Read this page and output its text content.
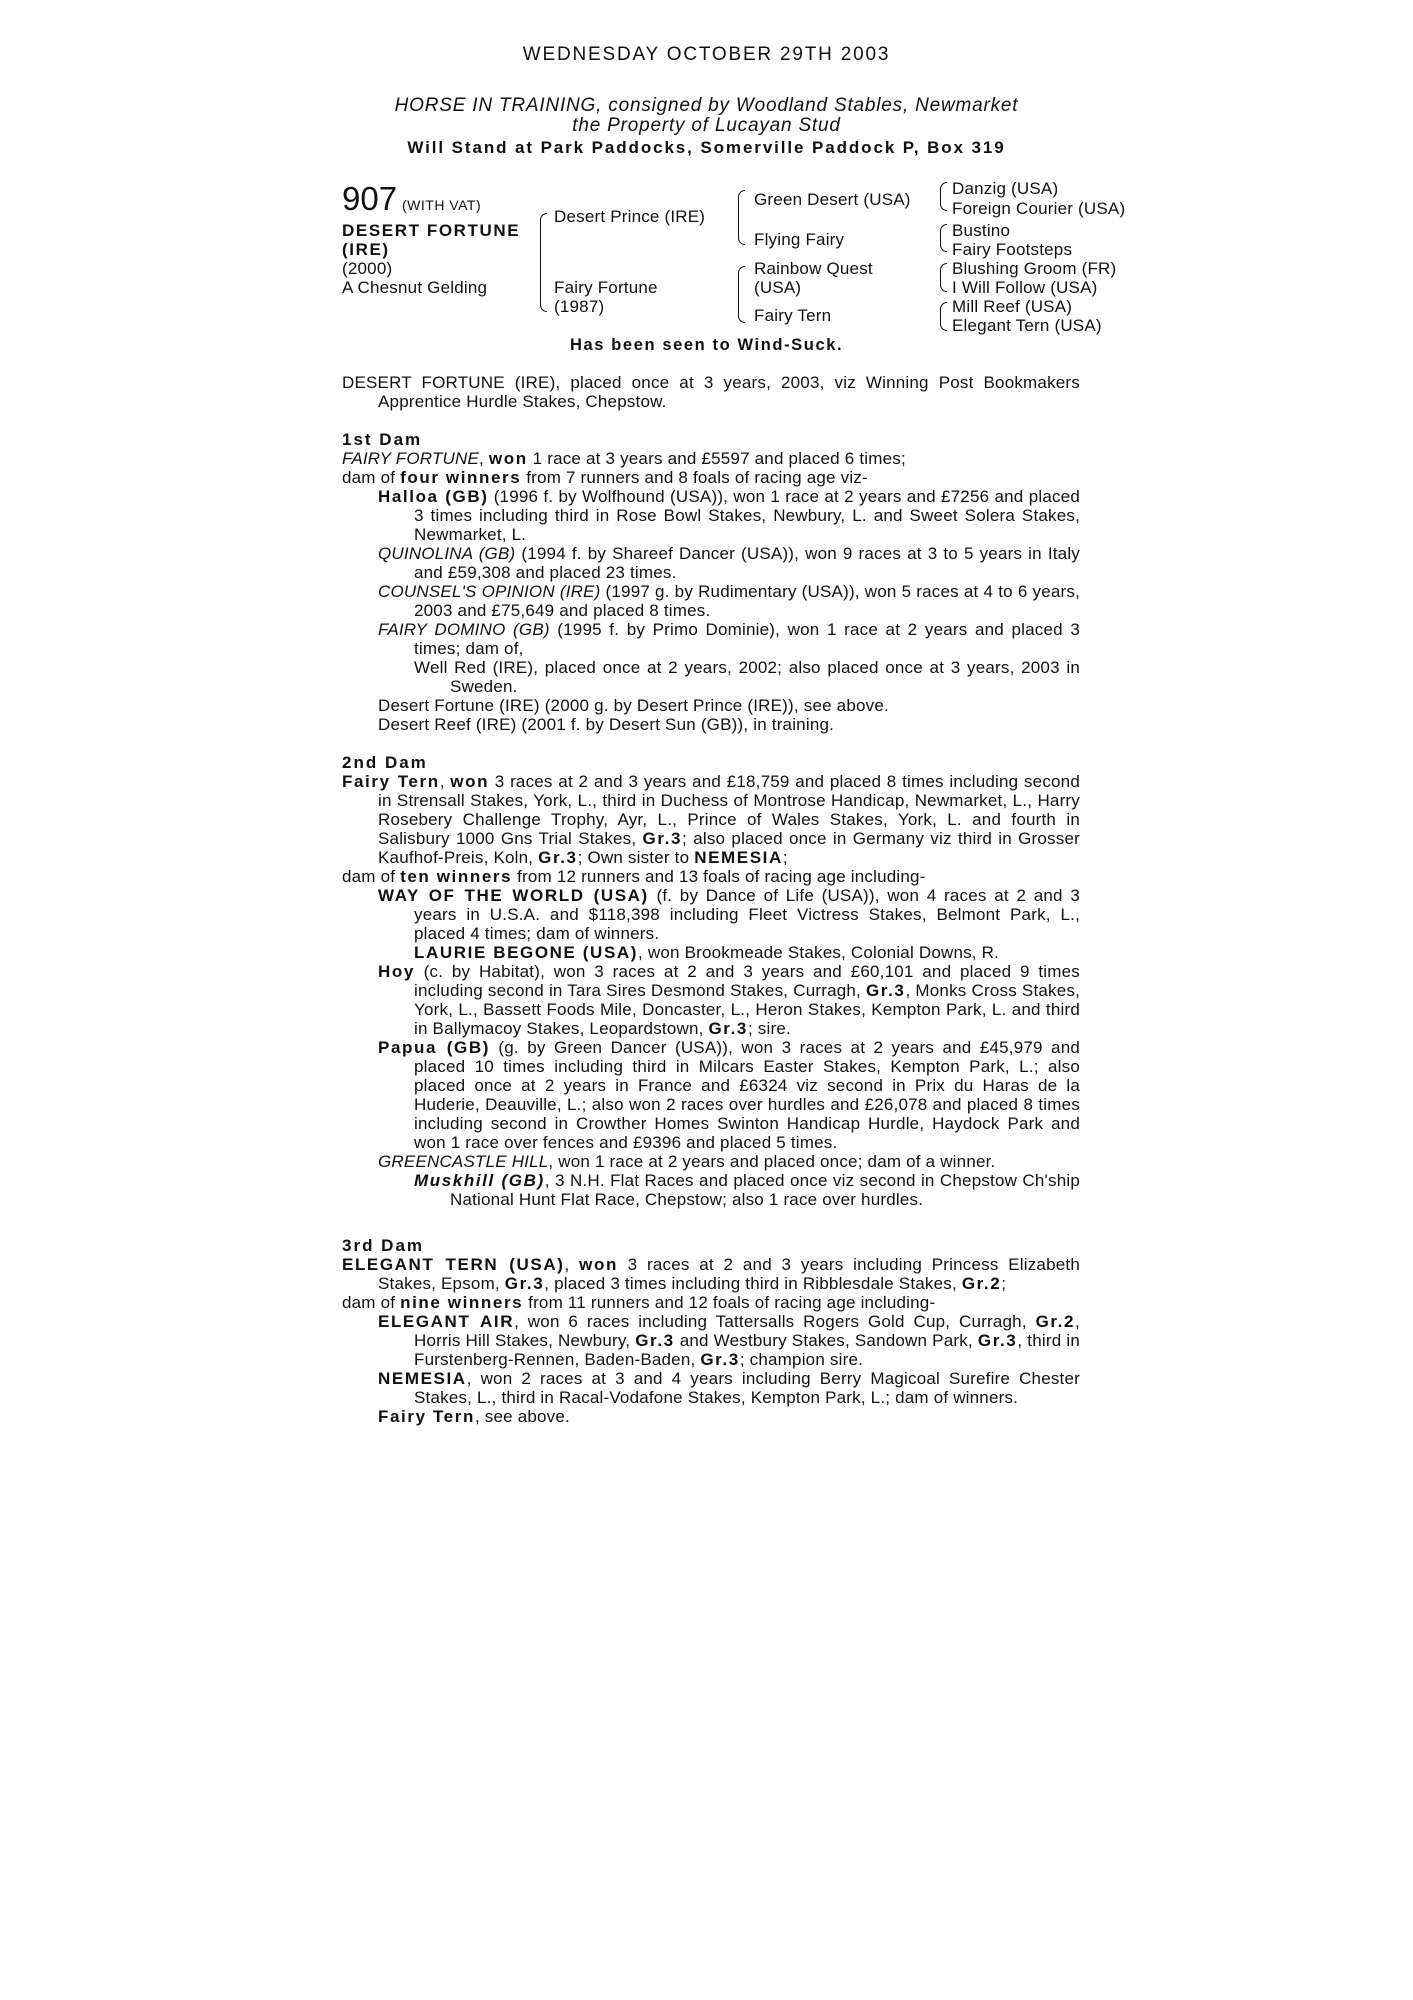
WEDNESDAY OCTOBER 29TH 2003
HORSE IN TRAINING, consigned by Woodland Stables, Newmarket
the Property of Lucayan Stud
Will Stand at Park Paddocks, Somerville Paddock P, Box 319
907 (WITH VAT)
DESERT FORTUNE
(IRE)
(2000)
A Chesnut Gelding
Desert Prince (IRE)
Fairy Fortune
(1987)
Green Desert (USA)
Flying Fairy
Rainbow Quest
(USA)
Fairy Tern
Danzig (USA)
Foreign Courier (USA)
Bustino
Fairy Footsteps
Blushing Groom (FR)
I Will Follow (USA)
Mill Reef (USA)
Elegant Tern (USA)
Has been seen to Wind-Suck.

DESERT FORTUNE (IRE), placed once at 3 years, 2003, viz Winning Post Bookmakers Apprentice Hurdle Stakes, Chepstow.

1st Dam

FAIRY FORTUNE, won 1 race at 3 years and £5597 and placed 6 times;

dam of four winners from 7 runners and 8 foals of racing age viz-

Halloa (GB) (1996 f. by Wolfhound (USA)), won 1 race at 2 years and £7256 and placed 3 times including third in Rose Bowl Stakes, Newbury, L. and Sweet Solera Stakes, Newmarket, L.

QUINOLINA (GB) (1994 f. by Shareef Dancer (USA)), won 9 races at 3 to 5 years in Italy and £59,308 and placed 23 times.

COUNSEL'S OPINION (IRE) (1997 g. by Rudimentary (USA)), won 5 races at 4 to 6 years, 2003 and £75,649 and placed 8 times.

FAIRY DOMINO (GB) (1995 f. by Primo Dominie), won 1 race at 2 years and placed 3 times; dam of,

Well Red (IRE), placed once at 2 years, 2002; also placed once at 3 years, 2003 in Sweden.

Desert Fortune (IRE) (2000 g. by Desert Prince (IRE)), see above.

Desert Reef (IRE) (2001 f. by Desert Sun (GB)), in training.

2nd Dam

Fairy Tern, won 3 races at 2 and 3 years and £18,759 and placed 8 times including second in Strensall Stakes, York, L., third in Duchess of Montrose Handicap, Newmarket, L., Harry Rosebery Challenge Trophy, Ayr, L., Prince of Wales Stakes, York, L. and fourth in Salisbury 1000 Gns Trial Stakes, Gr.3; also placed once in Germany viz third in Grosser Kaufhof-Preis, Koln, Gr.3; Own sister to NEMESIA;

dam of ten winners from 12 runners and 13 foals of racing age including-

WAY OF THE WORLD (USA) (f. by Dance of Life (USA)), won 4 races at 2 and 3 years in U.S.A. and $118,398 including Fleet Victress Stakes, Belmont Park, L., placed 4 times; dam of winners.

LAURIE BEGONE (USA), won Brookmeade Stakes, Colonial Downs, R.

Hoy (c. by Habitat), won 3 races at 2 and 3 years and £60,101 and placed 9 times including second in Tara Sires Desmond Stakes, Curragh, Gr.3, Monks Cross Stakes, York, L., Bassett Foods Mile, Doncaster, L., Heron Stakes, Kempton Park, L. and third in Ballymacoy Stakes, Leopardstown, Gr.3; sire.

Papua (GB) (g. by Green Dancer (USA)), won 3 races at 2 years and £45,979 and placed 10 times including third in Milcars Easter Stakes, Kempton Park, L.; also placed once at 2 years in France and £6324 viz second in Prix du Haras de la Huderie, Deauville, L.; also won 2 races over hurdles and £26,078 and placed 8 times including second in Crowther Homes Swinton Handicap Hurdle, Haydock Park and won 1 race over fences and £9396 and placed 5 times.

GREENCASTLE HILL, won 1 race at 2 years and placed once; dam of a winner.

Muskhill (GB), 3 N.H. Flat Races and placed once viz second in Chepstow Ch'ship National Hunt Flat Race, Chepstow; also 1 race over hurdles.

3rd Dam

ELEGANT TERN (USA), won 3 races at 2 and 3 years including Princess Elizabeth Stakes, Epsom, Gr.3, placed 3 times including third in Ribblesdale Stakes, Gr.2;

dam of nine winners from 11 runners and 12 foals of racing age including-

ELEGANT AIR, won 6 races including Tattersalls Rogers Gold Cup, Curragh, Gr.2, Horris Hill Stakes, Newbury, Gr.3 and Westbury Stakes, Sandown Park, Gr.3, third in Furstenberg-Rennen, Baden-Baden, Gr.3; champion sire.

NEMESIA, won 2 races at 3 and 4 years including Berry Magicoal Surefire Chester Stakes, L., third in Racal-Vodafone Stakes, Kempton Park, L.; dam of winners.

Fairy Tern, see above.
